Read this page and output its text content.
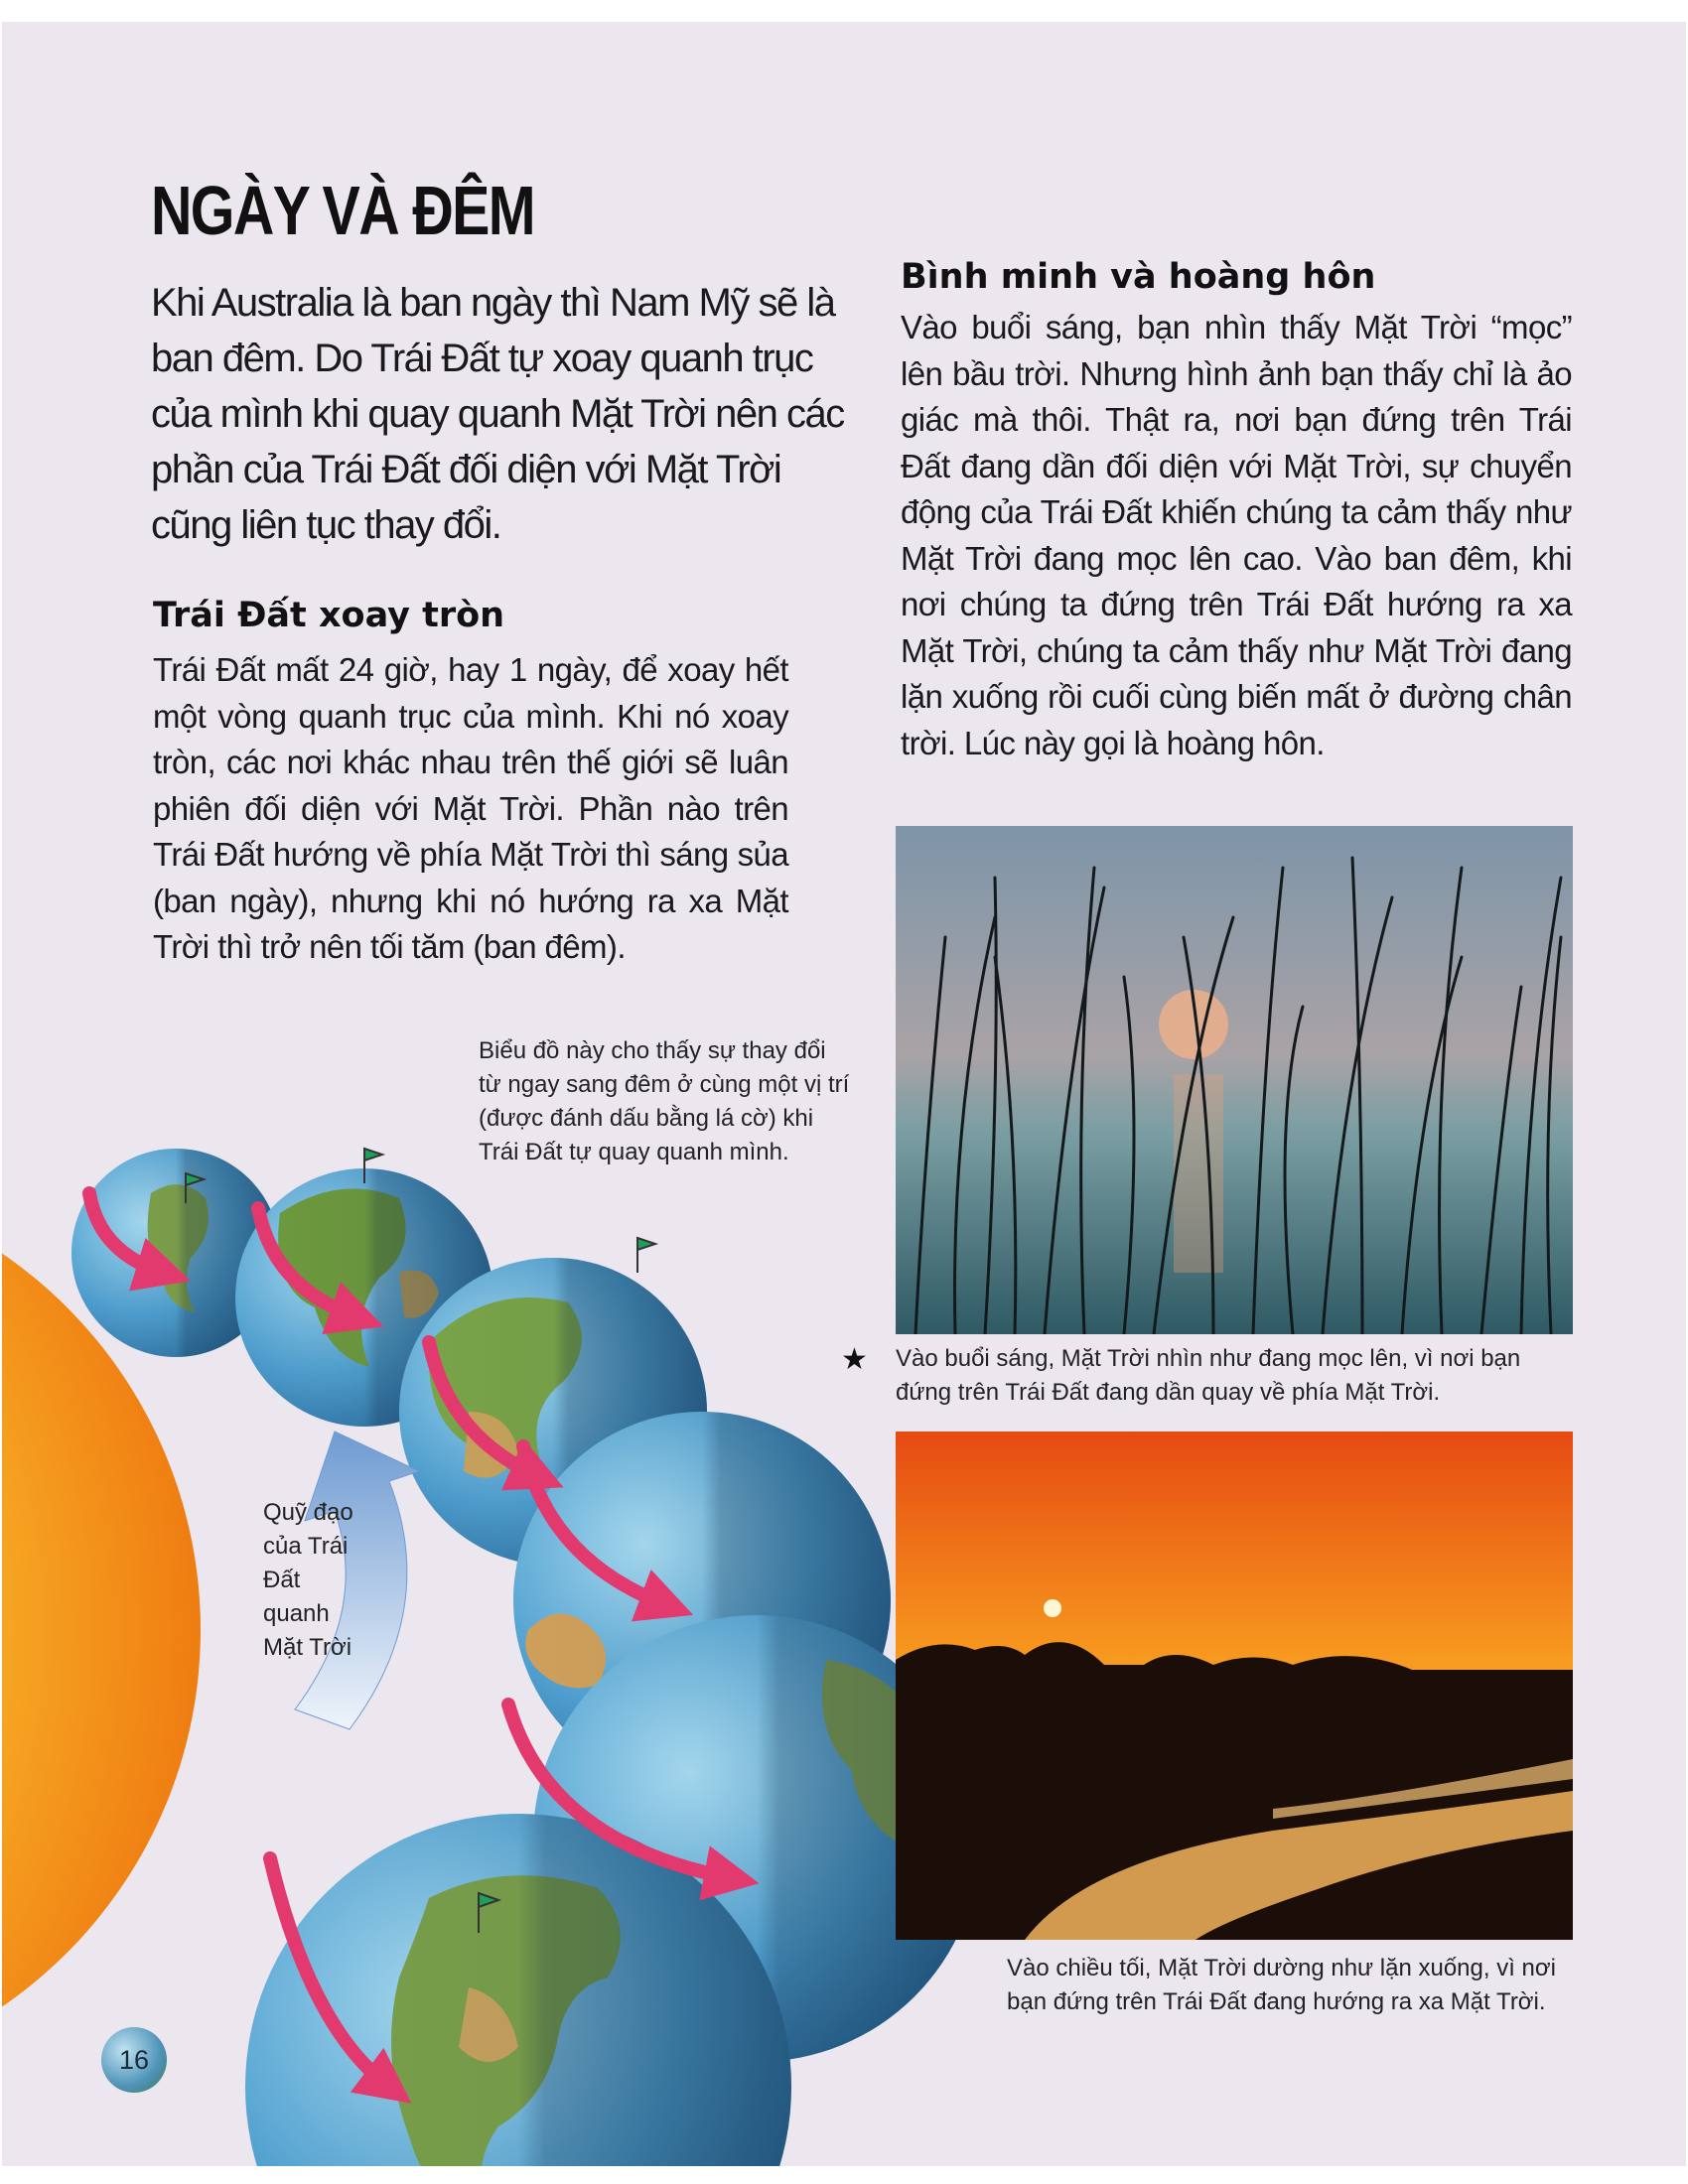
NGÀY VÀ ĐÊM

Khi Australia là ban ngày thì Nam Mỹ sẽ là ban đêm. Do Trái Đất tự xoay quanh trục của mình khi quay quanh Mặt Trời nên các phần của Trái Đất đối diện với Mặt Trời cũng liên tục thay đổi.

Trái Đất xoay tròn

Trái Đất mất 24 giờ, hay 1 ngày, để xoay hết một vòng quanh trục của mình. Khi nó xoay tròn, các nơi khác nhau trên thế giới sẽ luân phiên đối diện với Mặt Trời. Phần nào trên Trái Đất hướng về phía Mặt Trời thì sáng sủa (ban ngày), nhưng khi nó hướng ra xa Mặt Trời thì trở nên tối tăm (ban đêm).

Bình minh và hoàng hôn

Vào buổi sáng, bạn nhìn thấy Mặt Trời “mọc” lên bầu trời. Nhưng hình ảnh bạn thấy chỉ là ảo giác mà thôi. Thật ra, nơi bạn đứng trên Trái Đất đang dần đối diện với Mặt Trời, sự chuyển động của Trái Đất khiến chúng ta cảm thấy như Mặt Trời đang mọc lên cao. Vào ban đêm, khi nơi chúng ta đứng trên Trái Đất hướng ra xa Mặt Trời, chúng ta cảm thấy như Mặt Trời đang lặn xuống rồi cuối cùng biến mất ở đường chân trời. Lúc này gọi là hoàng hôn.

Biểu đồ này cho thấy sự thay đổi từ ngay sang đêm ở cùng một vị trí (được đánh dấu bằng lá cờ) khi Trái Đất tự quay quanh mình.

Quỹ đạo của Trái Đất quanh Mặt Trời

★ Vào buổi sáng, Mặt Trời nhìn như đang mọc lên, vì nơi bạn đứng trên Trái Đất đang dần quay về phía Mặt Trời.

Vào chiều tối, Mặt Trời dường như lặn xuống, vì nơi bạn đứng trên Trái Đất đang hướng ra xa Mặt Trời.

16
